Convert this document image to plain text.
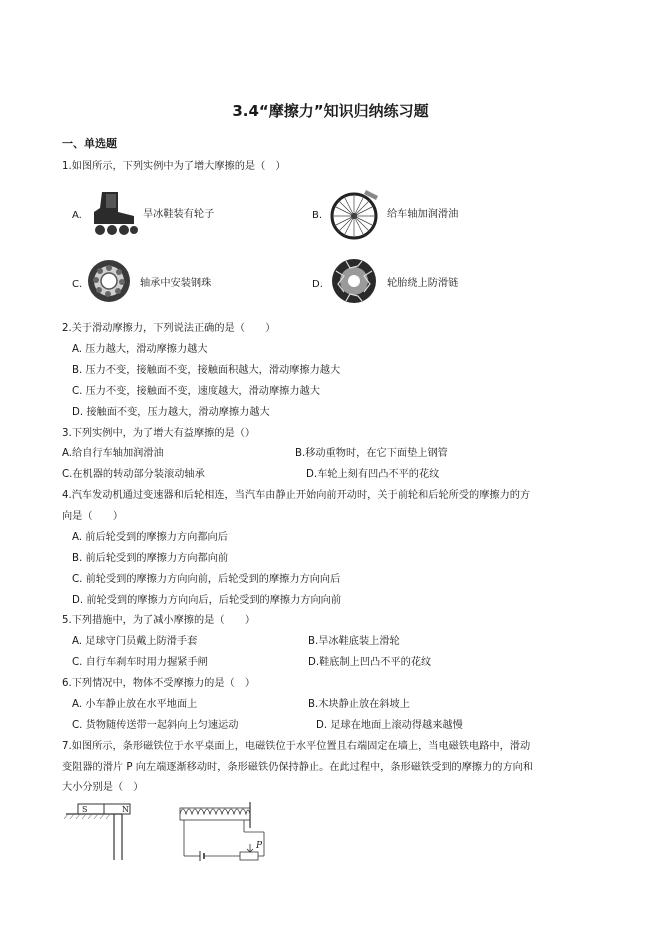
3.4“摩擦力”知识归纳练习题
一、单选题
1.如图所示，下列实例中为了增大摩擦的是（　）
A.	旱冰鞋装有轮子	B.	给车轴加润滑油
C.	轴承中安装钢珠	D.	轮胎绕上防滑链
2.关于滑动摩擦力，下列说法正确的是（　　）
A. 压力越大，滑动摩擦力越大
B. 压力不变，接触面不变，接触面积越大，滑动摩擦力越大
C. 压力不变，接触面不变，速度越大，滑动摩擦力越大
D. 接触面不变，压力越大，滑动摩擦力越大
3.下列实例中，为了增大有益摩擦的是（）
A.给自行车轴加润滑油	B.移动重物时，在它下面垫上钢管
C.在机器的转动部分装滚动轴承	D.车轮上刻有凹凸不平的花纹
4.汽车发动机通过变速器和后轮相连，当汽车由静止开始向前开动时，关于前轮和后轮所受的摩擦力的方
向是（　　）
A. 前后轮受到的摩擦力方向都向后
B. 前后轮受到的摩擦力方向都向前
C. 前轮受到的摩擦力方向向前，后轮受到的摩擦力方向向后
D. 前轮受到的摩擦力方向向后，后轮受到的摩擦力方向向前
5.下列措施中，为了减小摩擦的是（　　）
A. 足球守门员戴上防滑手套	B.旱冰鞋底装上滑轮
C. 自行车刹车时用力握紧手闸	D.鞋底制上凹凸不平的花纹
6.下列情况中，物体不受摩擦力的是（　）
A. 小车静止放在水平地面上	B.木块静止放在斜坡上
C. 货物随传送带一起斜向上匀速运动	D. 足球在地面上滚动得越来越慢
7.如图所示，条形磁铁位于水平桌面上，电磁铁位于水平位置且右端固定在墙上，当电磁铁电路中，滑动
变阻器的滑片 P 向左端逐渐移动时，条形磁铁仍保持静止。在此过程中，条形磁铁受到的摩擦力的方向和
大小分别是（　）
S	N
P
